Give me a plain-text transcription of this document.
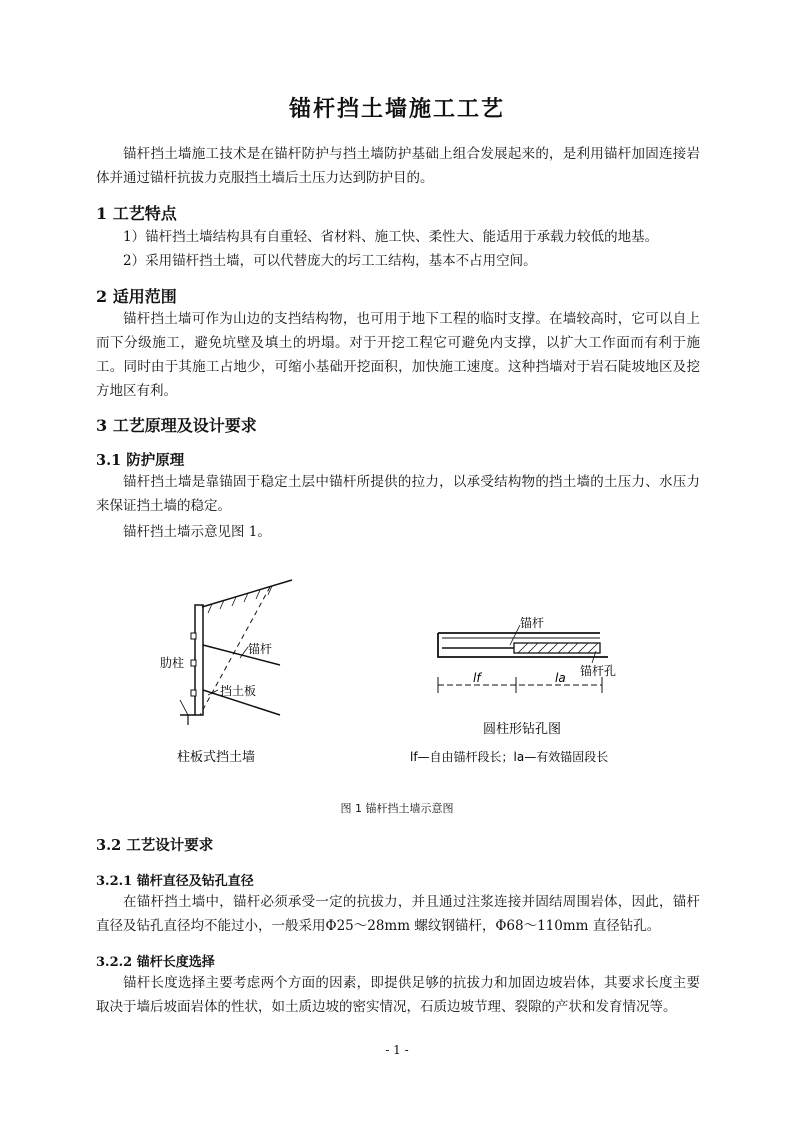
锚杆挡土墙施工工艺

锚杆挡土墙施工技术是在锚杆防护与挡土墙防护基础上组合发展起来的，是利用锚杆加固连接岩体并通过锚杆抗拔力克服挡土墙后土压力达到防护目的。

1 工艺特点

1）锚杆挡土墙结构具有自重轻、省材料、施工快、柔性大、能适用于承载力较低的地基。

2）采用锚杆挡土墙，可以代替庞大的圬工工结构，基本不占用空间。

2 适用范围

锚杆挡土墙可作为山边的支挡结构物，也可用于地下工程的临时支撑。在墙较高时，它可以自上而下分级施工，避免坑壁及填土的坍塌。对于开挖工程它可避免内支撑，以扩大工作面而有利于施工。同时由于其施工占地少，可缩小基础开挖面积，加快施工速度。这种挡墙对于岩石陡坡地区及挖方地区有利。

3 工艺原理及设计要求
3.1 防护原理

锚杆挡土墙是靠锚固于稳定土层中锚杆所提供的拉力，以承受结构物的挡土墙的土压力、水压力来保证挡土墙的稳定。

锚杆挡土墙示意见图 1。

肋柱
锚杆
挡土板
柱板式挡土墙
锚杆
锚杆孔
lf	la
圆柱形钻孔图
lf—自由锚杆段长；la—有效锚固段长
图 1 锚杆挡土墙示意图
3.2 工艺设计要求
3.2.1 锚杆直径及钻孔直径

在锚杆挡土墙中，锚杆必须承受一定的抗拔力，并且通过注浆连接并固结周围岩体，因此，锚杆直径及钻孔直径均不能过小，一般采用Φ25～28mm 螺纹钢锚杆，Φ68～110mm 直径钻孔。

3.2.2 锚杆长度选择

锚杆长度选择主要考虑两个方面的因素，即提供足够的抗拔力和加固边坡岩体，其要求长度主要取决于墙后坡面岩体的性状，如土质边坡的密实情况，石质边坡节理、裂隙的产状和发育情况等。

- 1 -
